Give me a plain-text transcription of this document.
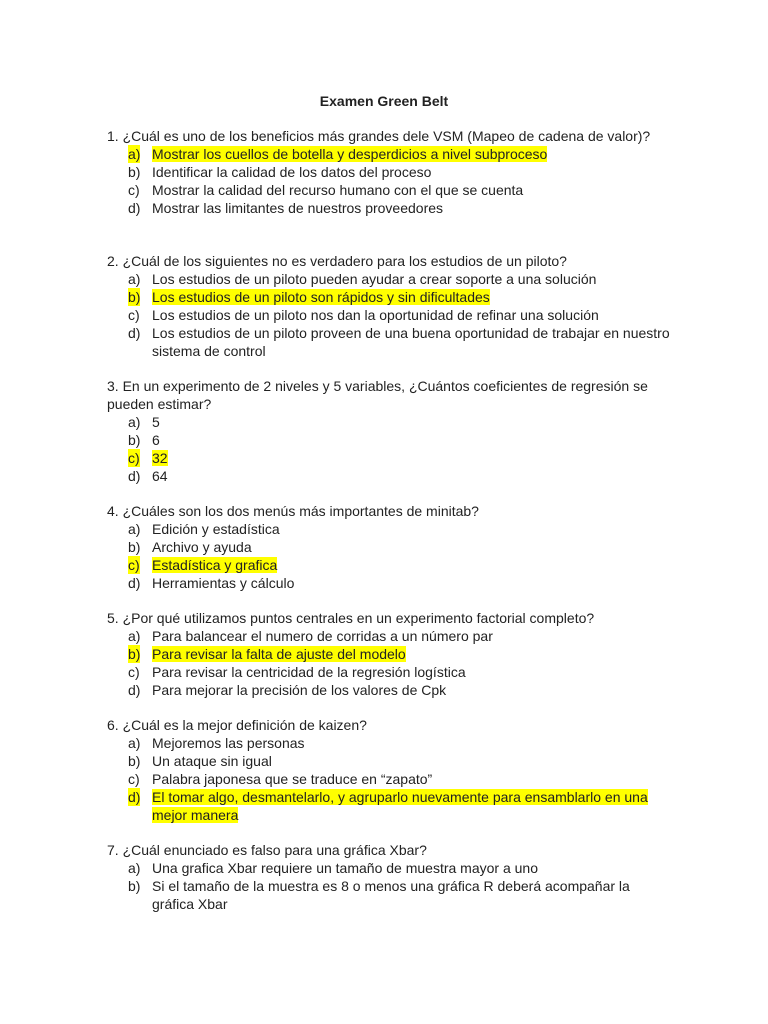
Examen Green Belt
1. ¿Cuál es uno de los beneficios más grandes dele VSM (Mapeo de cadena de valor)?
a) Mostrar los cuellos de botella y desperdicios a nivel subproceso
b) Identificar la calidad de los datos del proceso
c) Mostrar la calidad del recurso humano con el que se cuenta
d) Mostrar las limitantes de nuestros proveedores
2. ¿Cuál de los siguientes no es verdadero para los estudios de un piloto?
a) Los estudios de un piloto pueden ayudar a crear soporte a una solución
b) Los estudios de un piloto son rápidos y sin dificultades
c) Los estudios de un piloto nos dan la oportunidad de refinar una solución
d) Los estudios de un piloto proveen de una buena oportunidad de trabajar en nuestro sistema de control
3. En un experimento de 2 niveles y 5 variables, ¿Cuántos coeficientes de regresión se pueden estimar?
a) 5
b) 6
c) 32
d) 64
4. ¿Cuáles son los dos menús más importantes de minitab?
a) Edición y estadística
b) Archivo y ayuda
c) Estadística y grafica
d) Herramientas y cálculo
5. ¿Por qué utilizamos puntos centrales en un experimento factorial completo?
a) Para balancear el numero de corridas a un número par
b) Para revisar la falta de ajuste del modelo
c) Para revisar la centricidad de la regresión logística
d) Para mejorar la precisión de los valores de Cpk
6. ¿Cuál es la mejor definición de kaizen?
a) Mejoremos las personas
b) Un ataque sin igual
c) Palabra japonesa que se traduce en “zapato”
d) El tomar algo, desmantelarlo, y agruparlo nuevamente para ensamblarlo en una mejor manera
7. ¿Cuál enunciado es falso para una gráfica Xbar?
a) Una grafica Xbar requiere un tamaño de muestra mayor a uno
b) Si el tamaño de la muestra es 8 o menos una gráfica R deberá acompañar la gráfica Xbar
